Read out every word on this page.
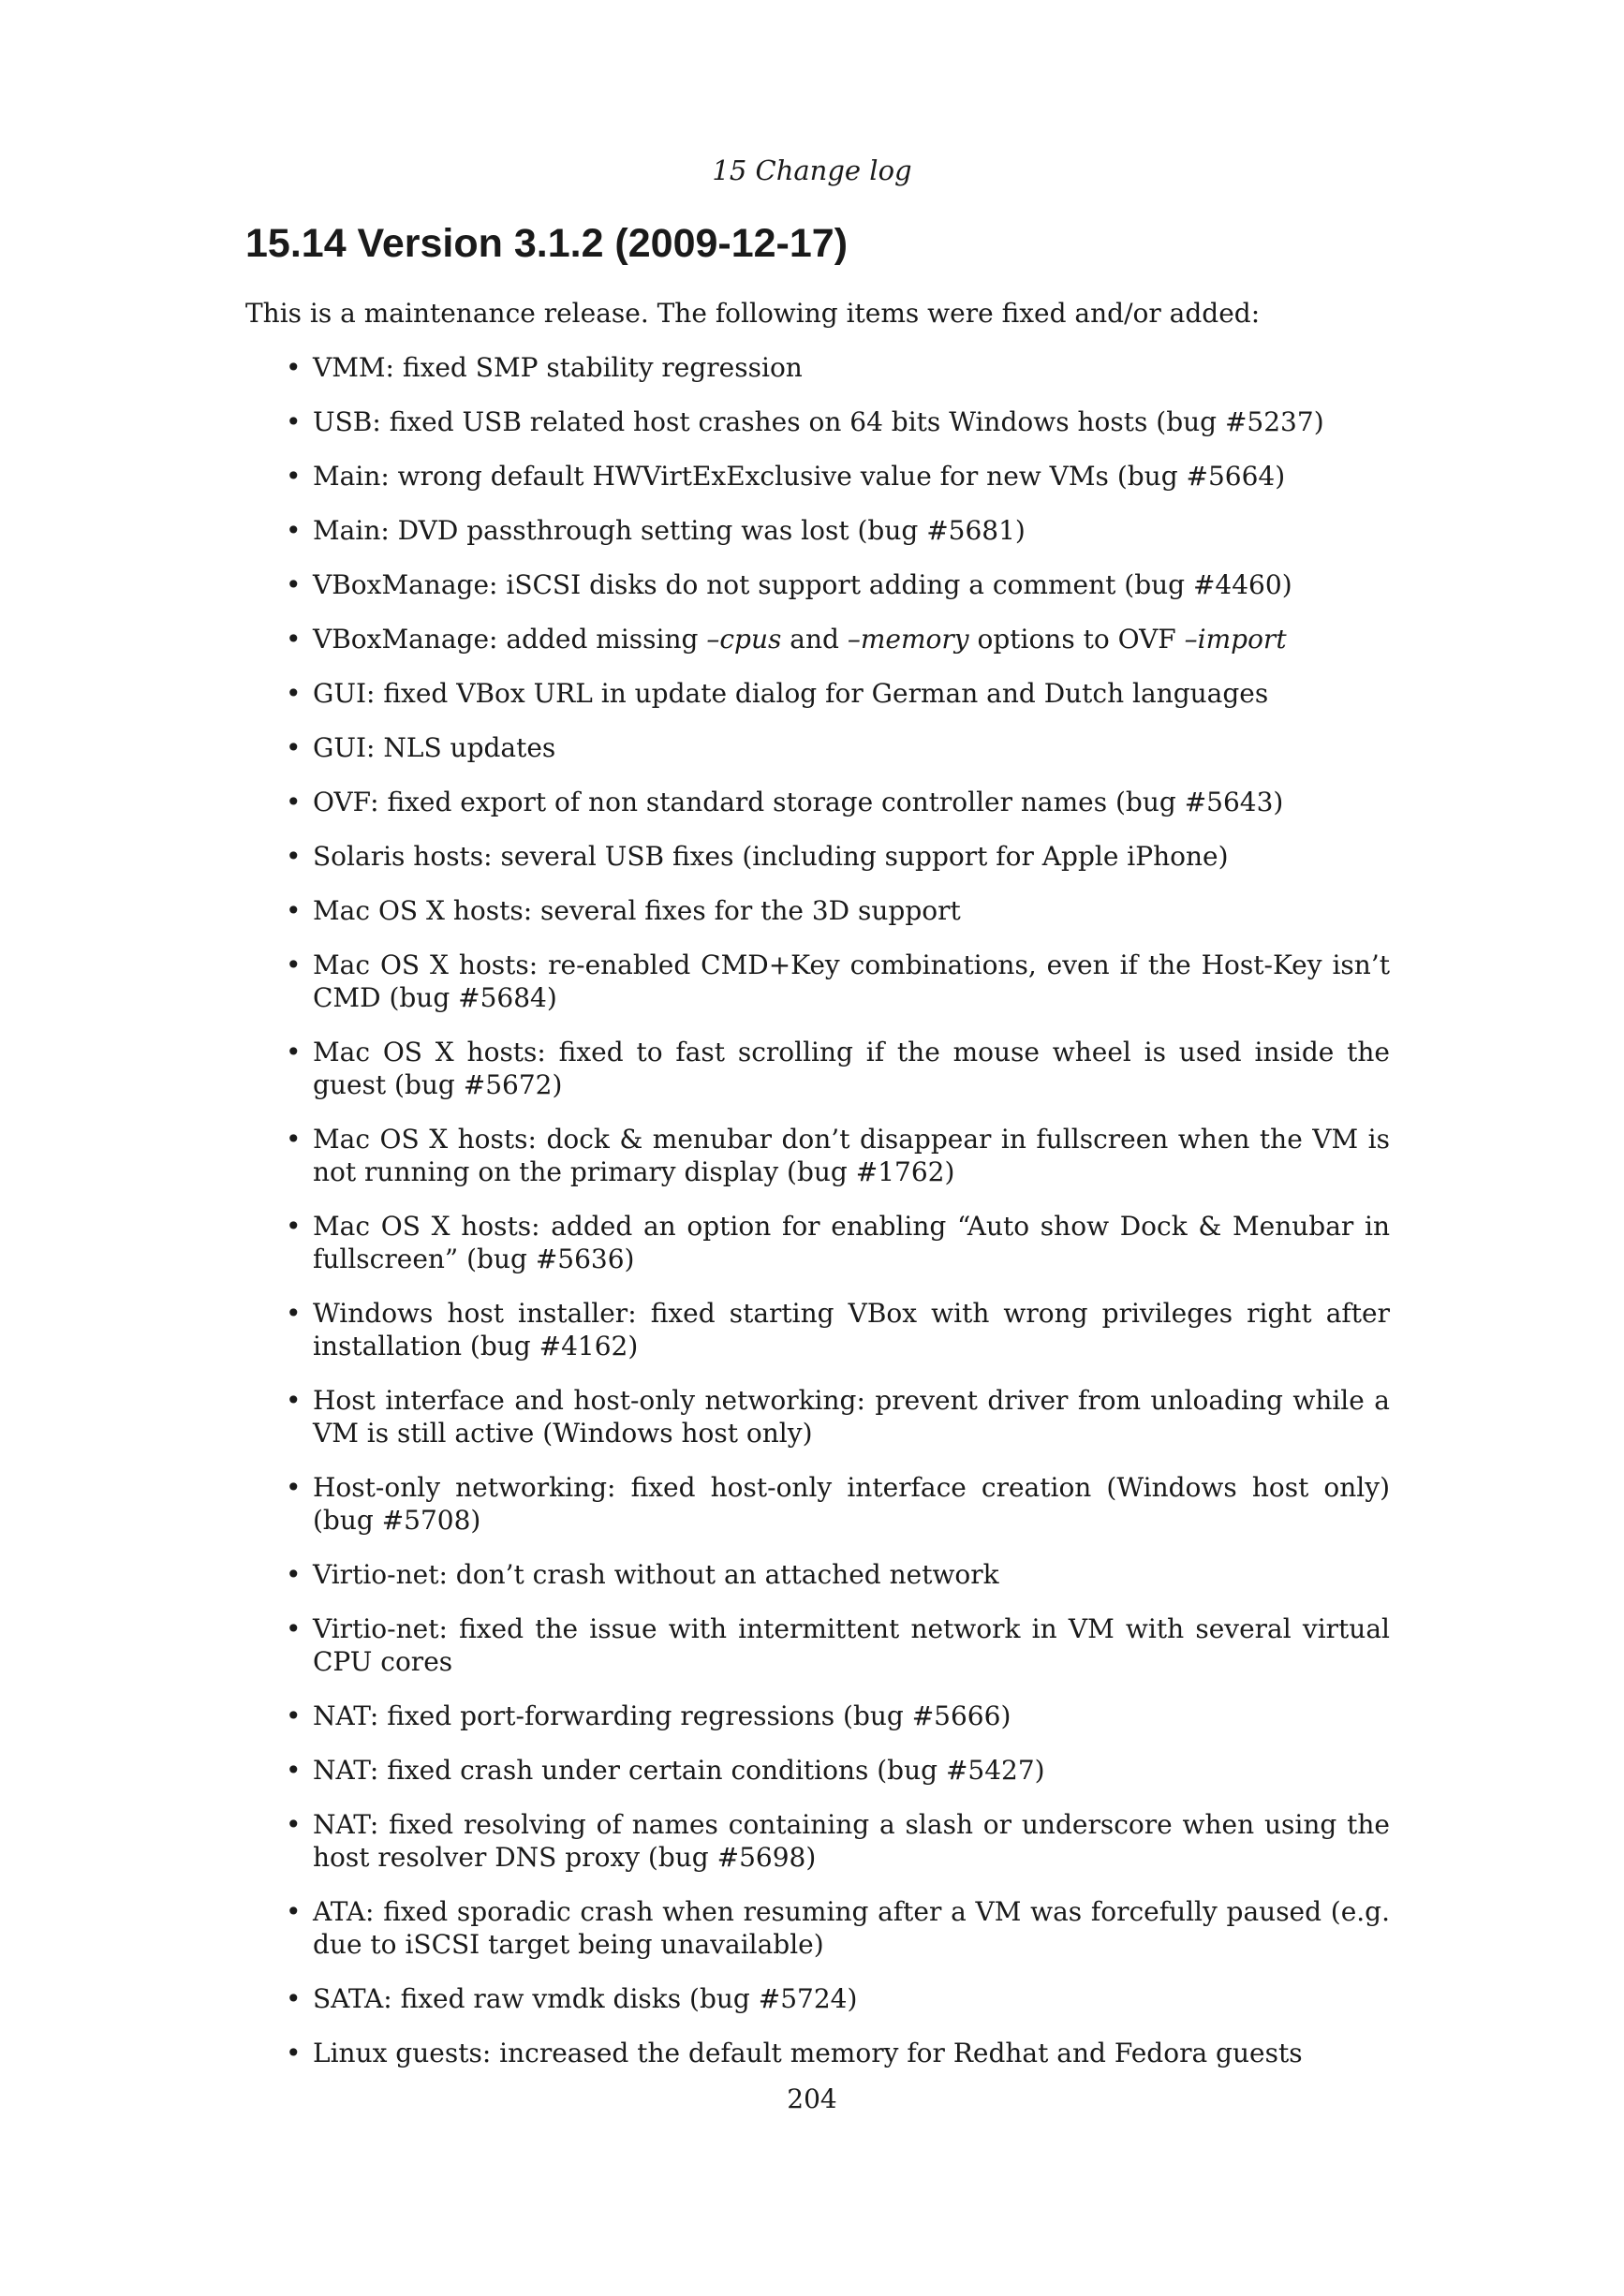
15 Change log
15.14 Version 3.1.2 (2009-12-17)

This is a maintenance release. The following items were fixed and/or added:

• VMM: fixed SMP stability regression
• USB: fixed USB related host crashes on 64 bits Windows hosts (bug #5237)
• Main: wrong default HWVirtExExclusive value for new VMs (bug #5664)
• Main: DVD passthrough setting was lost (bug #5681)
• VBoxManage: iSCSI disks do not support adding a comment (bug #4460)
• VBoxManage: added missing –cpus and –memory options to OVF –import
• GUI: fixed VBox URL in update dialog for German and Dutch languages
• GUI: NLS updates
• OVF: fixed export of non standard storage controller names (bug #5643)
• Solaris hosts: several USB fixes (including support for Apple iPhone)
• Mac OS X hosts: several fixes for the 3D support
• Mac OS X hosts: re-enabled CMD+Key combinations, even if the Host-Key isn’t CMD (bug #5684)
• Mac OS X hosts: fixed to fast scrolling if the mouse wheel is used inside the guest (bug #5672)
• Mac OS X hosts: dock & menubar don’t disappear in fullscreen when the VM is not running on the primary display (bug #1762)
• Mac OS X hosts: added an option for enabling “Auto show Dock & Menubar in fullscreen” (bug #5636)
• Windows host installer: fixed starting VBox with wrong privileges right after installation (bug #4162)
• Host interface and host-only networking: prevent driver from unloading while a VM is still active (Windows host only)
• Host-only networking: fixed host-only interface creation (Windows host only) (bug #5708)
• Virtio-net: don’t crash without an attached network
• Virtio-net: fixed the issue with intermittent network in VM with several virtual CPU cores
• NAT: fixed port-forwarding regressions (bug #5666)
• NAT: fixed crash under certain conditions (bug #5427)
• NAT: fixed resolving of names containing a slash or underscore when using the host resolver DNS proxy (bug #5698)
• ATA: fixed sporadic crash when resuming after a VM was forcefully paused (e.g. due to iSCSI target being unavailable)
• SATA: fixed raw vmdk disks (bug #5724)
• Linux guests: increased the default memory for Redhat and Fedora guests
204
